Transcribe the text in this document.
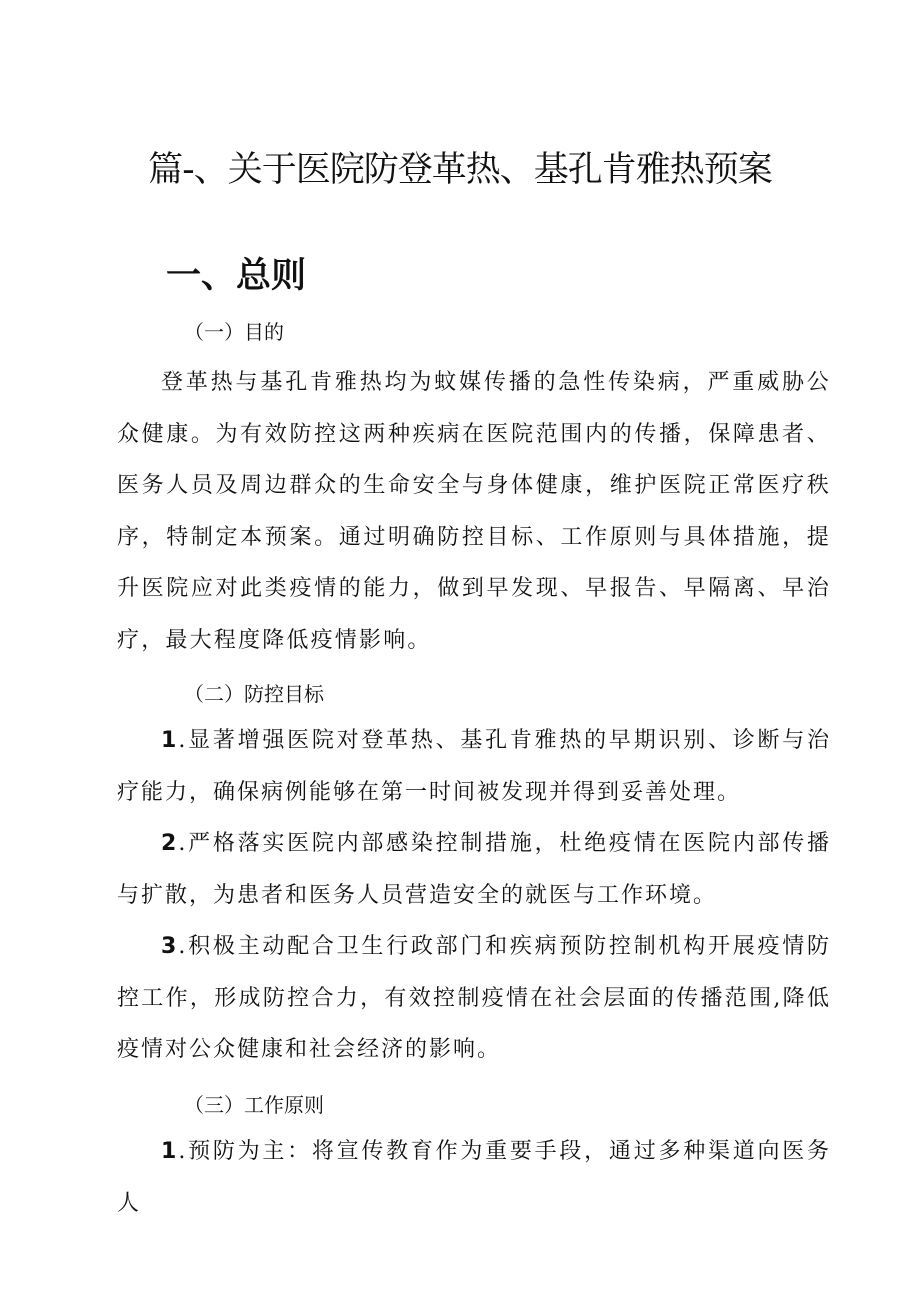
篇-、关于医院防登革热、基孔肯雅热预案
一、总则
（一）目的
登革热与基孔肯雅热均为蚊媒传播的急性传染病，严重威胁公众健康。为有效防控这两种疾病在医院范围内的传播，保障患者、医务人员及周边群众的生命安全与身体健康，维护医院正常医疗秩序，特制定本预案。通过明确防控目标、工作原则与具体措施，提升医院应对此类疫情的能力，做到早发现、早报告、早隔离、早治疗，最大程度降低疫情影响。
（二）防控目标
1.显著增强医院对登革热、基孔肯雅热的早期识别、诊断与治疗能力，确保病例能够在第一时间被发现并得到妥善处理。
2.严格落实医院内部感染控制措施，杜绝疫情在医院内部传播与扩散，为患者和医务人员营造安全的就医与工作环境。
3.积极主动配合卫生行政部门和疾病预防控制机构开展疫情防控工作，形成防控合力，有效控制疫情在社会层面的传播范围,降低疫情对公众健康和社会经济的影响。
（三）工作原则
1.预防为主：将宣传教育作为重要手段，通过多种渠道向医务人
